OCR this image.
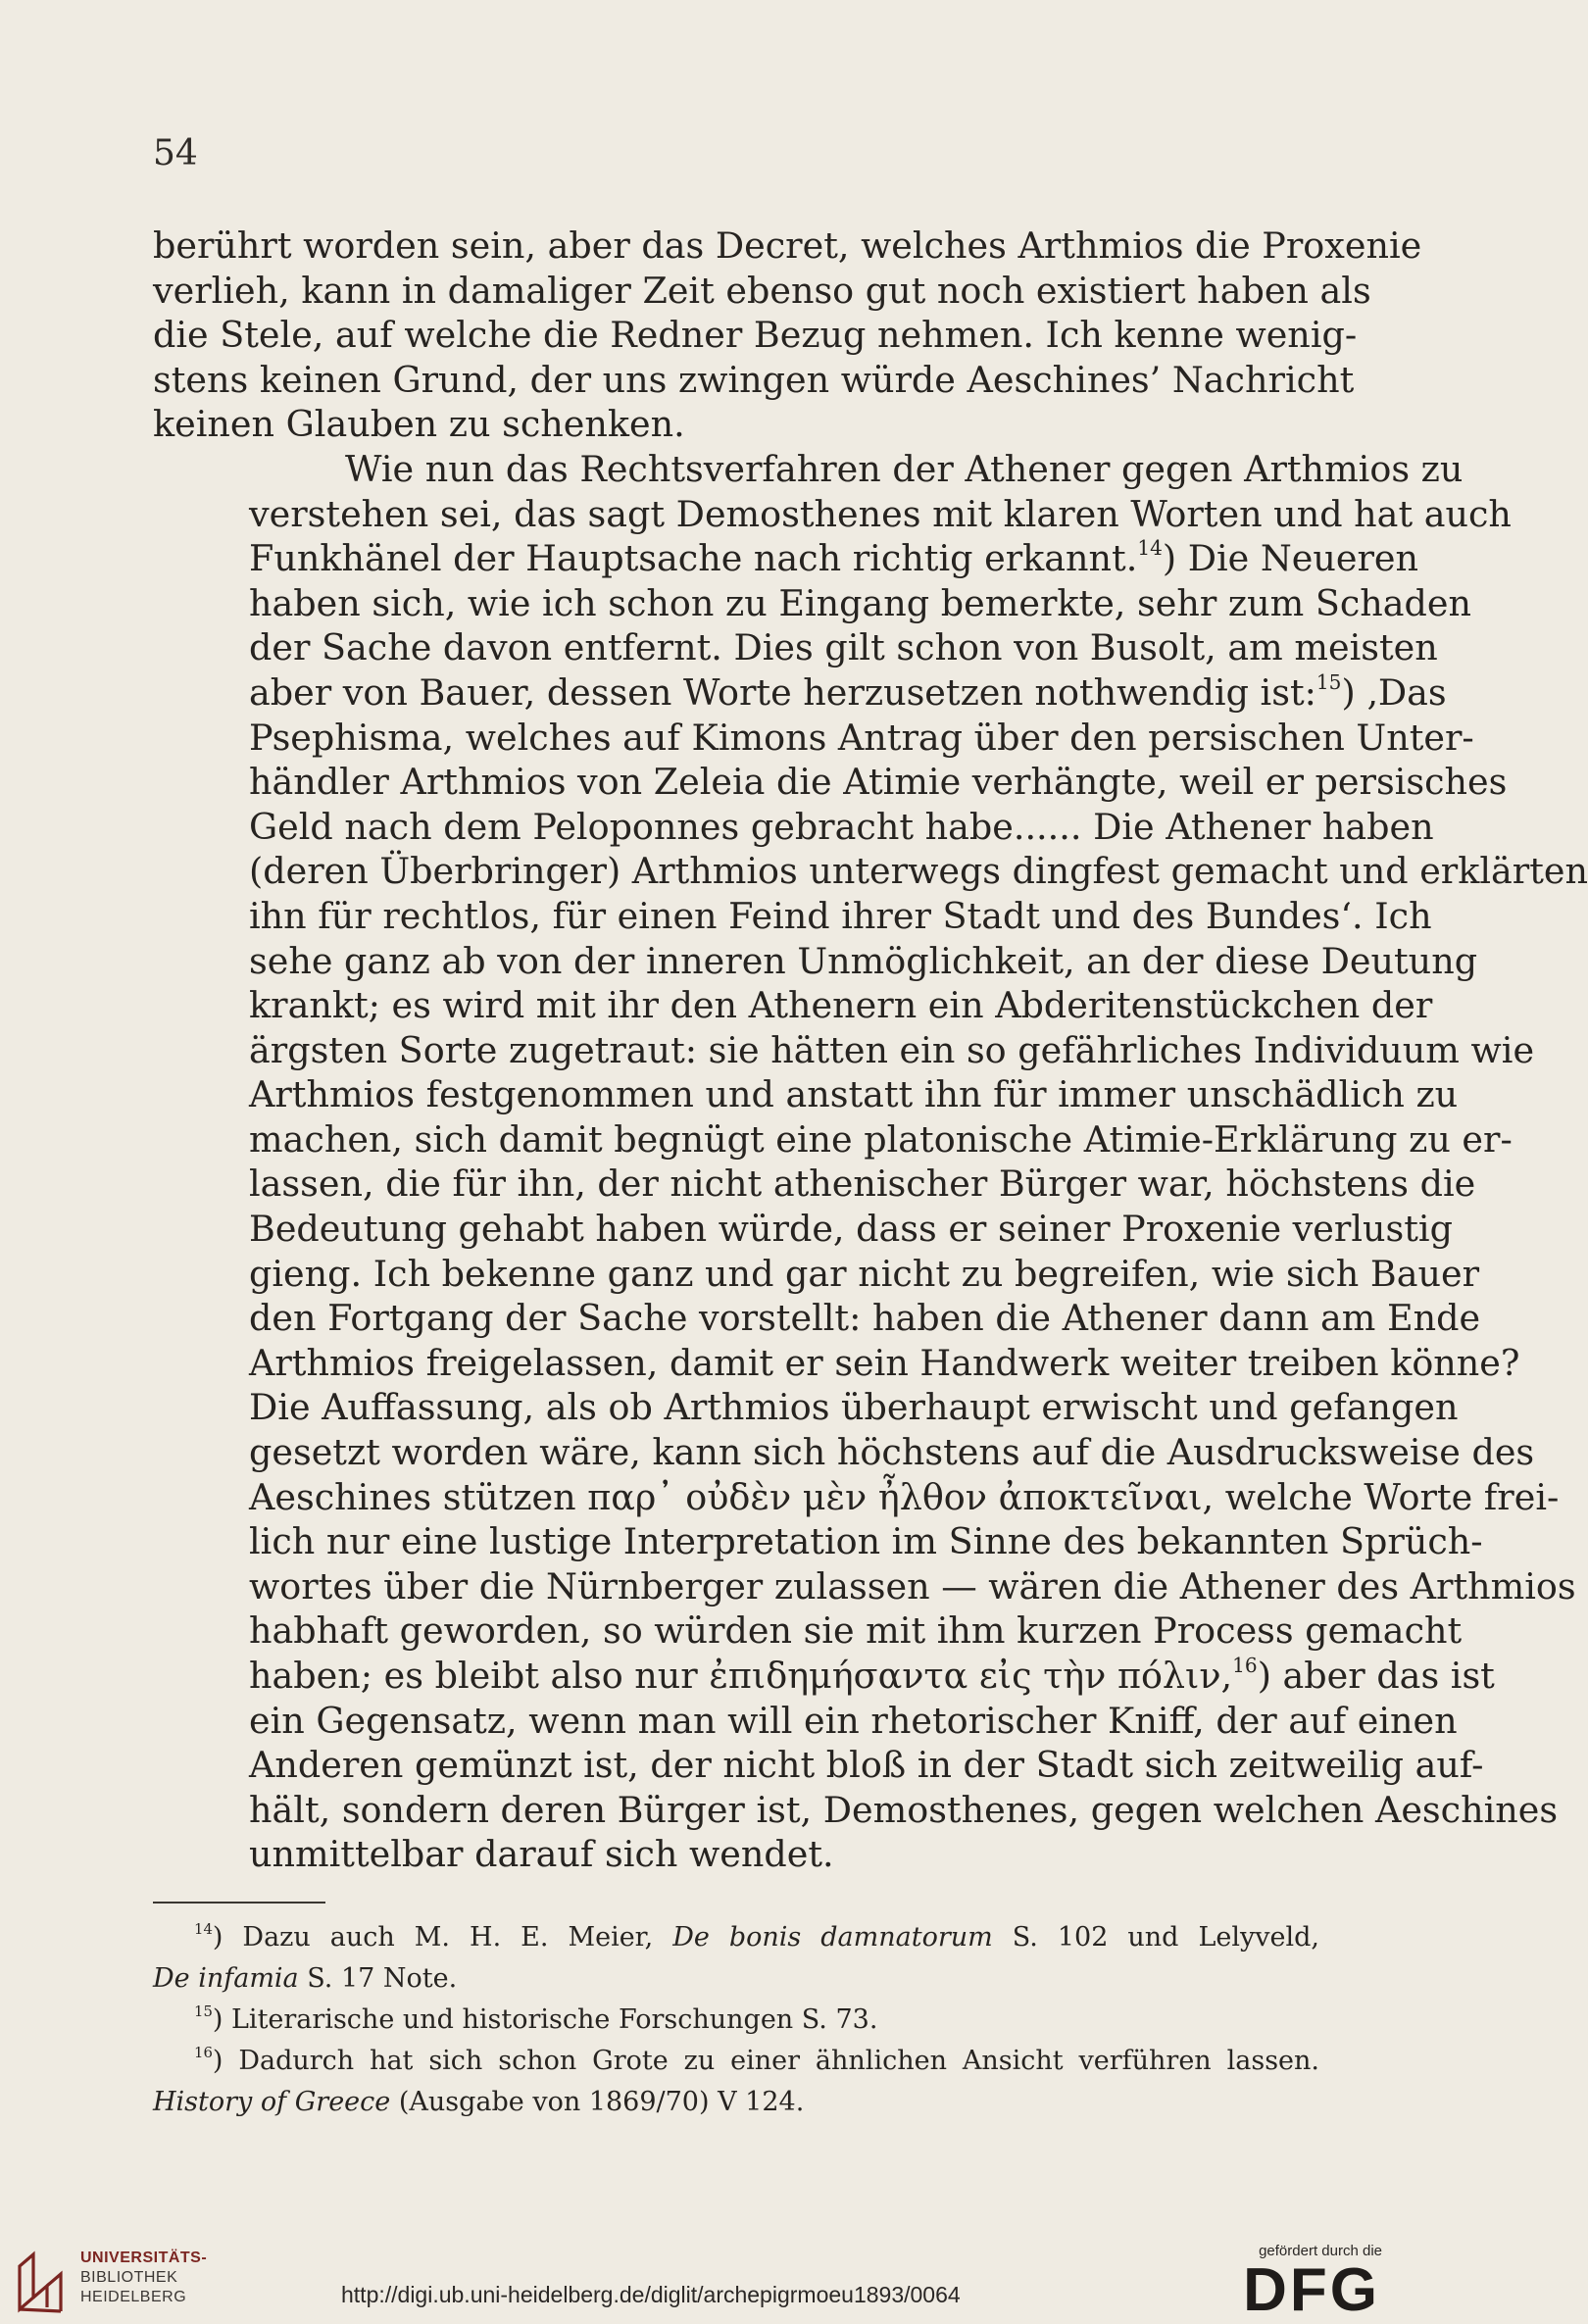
54

berührt worden sein, aber das Decret, welches Arthmios die Proxenie
verlieh, kann in damaliger Zeit ebenso gut noch existiert haben als
die Stele, auf welche die Redner Bezug nehmen. Ich kenne wenig-
stens keinen Grund, der uns zwingen würde Aeschines’ Nachricht
keinen Glauben zu schenken.

Wie nun das Rechtsverfahren der Athener gegen Arthmios zu
verstehen sei, das sagt Demosthenes mit klaren Worten und hat auch
Funkhänel der Hauptsache nach richtig erkannt.$^{14}$) Die Neueren
haben sich, wie ich schon zu Eingang bemerkte, sehr zum Schaden
der Sache davon entfernt. Dies gilt schon von Busolt, am meisten
aber von Bauer, dessen Worte herzusetzen nothwendig ist:$^{15}$) ‚Das
Psephisma, welches auf Kimons Antrag über den persischen Unter-
händler Arthmios von Zeleia die Atimie verhängte, weil er persisches
Geld nach dem Peloponnes gebracht habe...... Die Athener haben
(deren Überbringer) Arthmios unterwegs dingfest gemacht und erklärten
ihn für rechtlos, für einen Feind ihrer Stadt und des Bundes‘. Ich
sehe ganz ab von der inneren Unmöglichkeit, an der diese Deutung
krankt; es wird mit ihr den Athenern ein Abderitenstückchen der
ärgsten Sorte zugetraut: sie hätten ein so gefährliches Individuum wie
Arthmios festgenommen und anstatt ihn für immer unschädlich zu
machen, sich damit begnügt eine platonische Atimie-Erklärung zu er-
lassen, die für ihn, der nicht athenischer Bürger war, höchstens die
Bedeutung gehabt haben würde, dass er seiner Proxenie verlustig
gieng. Ich bekenne ganz und gar nicht zu begreifen, wie sich Bauer
den Fortgang der Sache vorstellt: haben die Athener dann am Ende
Arthmios freigelassen, damit er sein Handwerk weiter treiben könne?
Die Auffassung, als ob Arthmios überhaupt erwischt und gefangen
gesetzt worden wäre, kann sich höchstens auf die Ausdrucksweise des
Aeschines stützen παρ᾽ οὐδὲν μὲν ἦλθον ἀποκτεῖναι, welche Worte frei-
lich nur eine lustige Interpretation im Sinne des bekannten Sprüch-
wortes über die Nürnberger zulassen — wären die Athener des Arthmios
habhaft geworden, so würden sie mit ihm kurzen Process gemacht
haben; es bleibt also nur ἐπιδημήσαντα εἰς τὴν πόλιν,$^{16}$) aber das ist
ein Gegensatz, wenn man will ein rhetorischer Kniff, der auf einen
Anderen gemünzt ist, der nicht bloß in der Stadt sich zeitweilig auf-
hält, sondern deren Bürger ist, Demosthenes, gegen welchen Aeschines
unmittelbar darauf sich wendet.

$^{14}$) Dazu auch M. H. E. Meier, De bonis damnatorum S. 102 und Lelyveld,
De infamia S. 17 Note.
$^{15}$) Literarische und historische Forschungen S. 73.
$^{16}$) Dadurch hat sich schon Grote zu einer ähnlichen Ansicht verführen lassen.
History of Greece (Ausgabe von 1869/70) V 124.
UNIVERSITÄTS-
BIBLIOTHEK
HEIDELBERG	http://digi.ub.uni-heidelberg.de/diglit/archepigrmoeu1893/0064
gefördert durch die
DFG
